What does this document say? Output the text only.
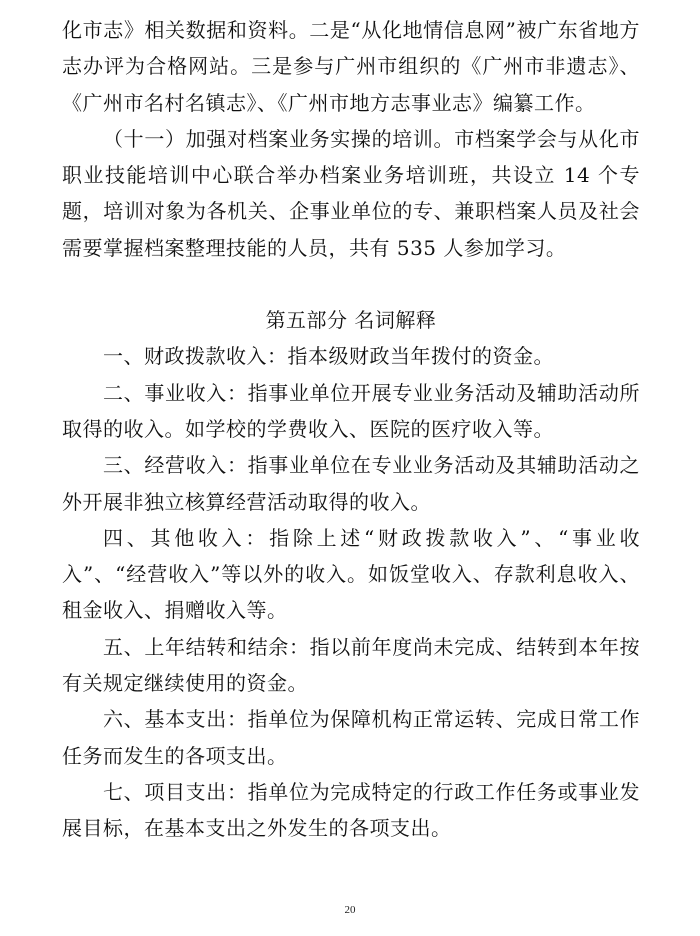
化市志》相关数据和资料。二是“从化地情信息网”被广东省地方志办评为合格网站。三是参与广州市组织的《广州市非遗志》、《广州市名村名镇志》、《广州市地方志事业志》编纂工作。

（十一）加强对档案业务实操的培训。市档案学会与从化市职业技能培训中心联合举办档案业务培训班，共设立 14 个专题，培训对象为各机关、企事业单位的专、兼职档案人员及社会需要掌握档案整理技能的人员，共有 535 人参加学习。

第五部分 名词解释

一、财政拨款收入：指本级财政当年拨付的资金。

二、事业收入：指事业单位开展专业业务活动及辅助活动所取得的收入。如学校的学费收入、医院的医疗收入等。

三、经营收入：指事业单位在专业业务活动及其辅助活动之外开展非独立核算经营活动取得的收入。

四、其他收入：指除上述“财政拨款收入”、“事业收入”、“经营收入”等以外的收入。如饭堂收入、存款利息收入、租金收入、捐赠收入等。

五、上年结转和结余：指以前年度尚未完成、结转到本年按有关规定继续使用的资金。

六、基本支出：指单位为保障机构正常运转、完成日常工作任务而发生的各项支出。

七、项目支出：指单位为完成特定的行政工作任务或事业发展目标，在基本支出之外发生的各项支出。

20
